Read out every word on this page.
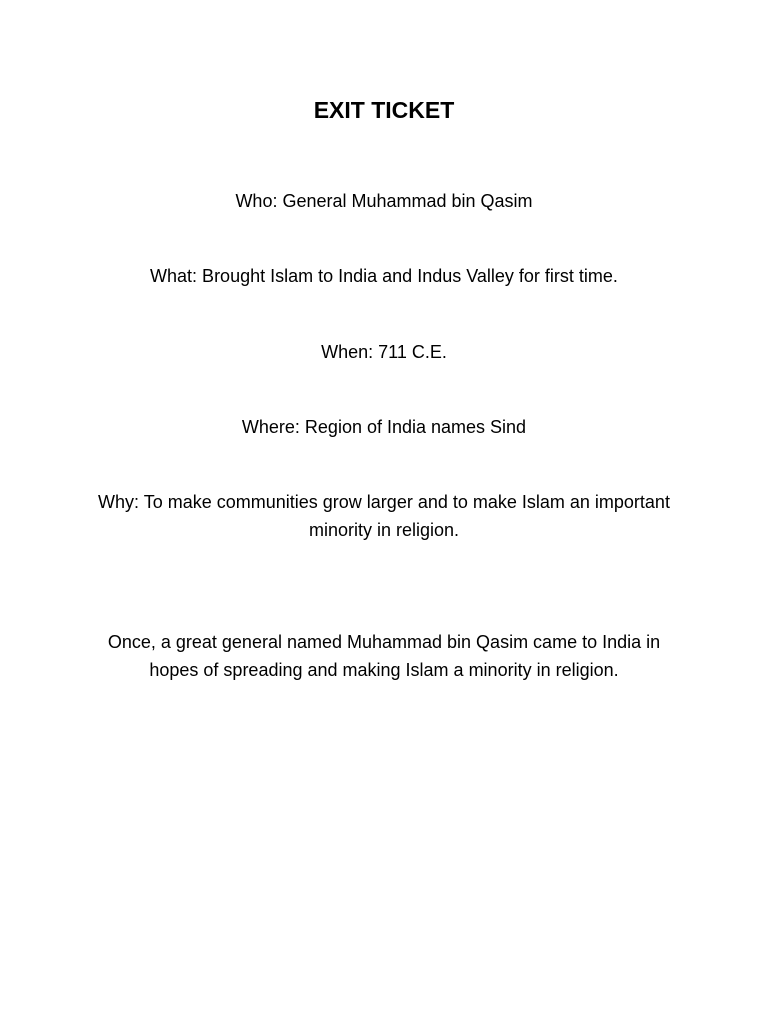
EXIT TICKET
Who: General Muhammad bin Qasim
What: Brought Islam to India and Indus Valley for first time.
When: 711 C.E.
Where: Region of India names Sind
Why: To make communities grow larger and to make Islam an important minority in religion.
Once, a great general named Muhammad bin Qasim came to India in hopes of spreading and making Islam a minority in religion.
